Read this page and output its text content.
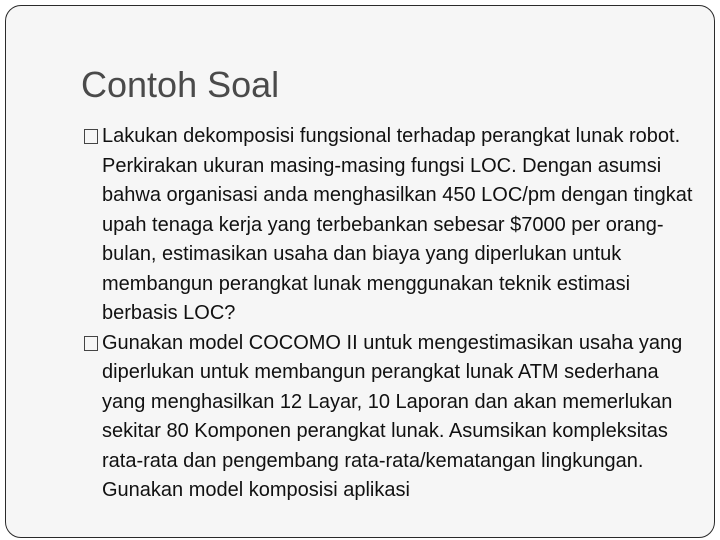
Contoh Soal
Lakukan dekomposisi fungsional terhadap perangkat lunak robot. Perkirakan ukuran masing-masing fungsi LOC. Dengan asumsi bahwa organisasi anda menghasilkan 450 LOC/pm dengan tingkat upah tenaga kerja yang terbebankan sebesar $7000 per orang-bulan, estimasikan usaha dan biaya yang diperlukan untuk membangun perangkat lunak menggunakan teknik estimasi berbasis LOC?
Gunakan model COCOMO II untuk mengestimasikan usaha yang diperlukan untuk membangun perangkat lunak ATM sederhana yang menghasilkan 12 Layar, 10 Laporan dan akan memerlukan sekitar 80 Komponen perangkat lunak. Asumsikan kompleksitas rata-rata dan pengembang rata-rata/kematangan lingkungan. Gunakan model komposisi aplikasi
